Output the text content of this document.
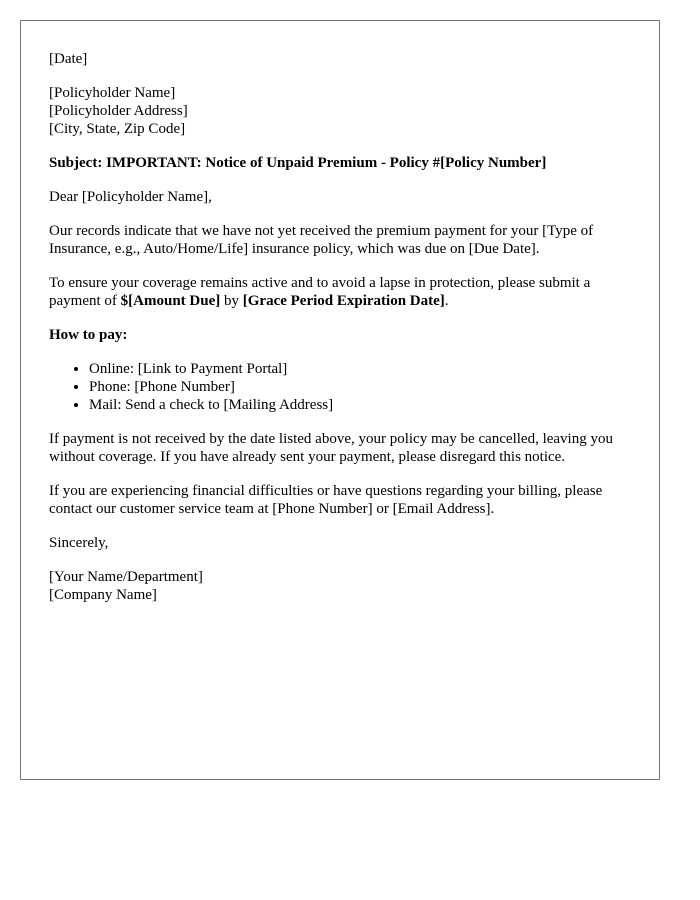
[Date]

[Policyholder Name]
[Policyholder Address]
[City, State, Zip Code]

Subject: IMPORTANT: Notice of Unpaid Premium - Policy #[Policy Number]

Dear [Policyholder Name],

Our records indicate that we have not yet received the premium payment for your [Type of Insurance, e.g., Auto/Home/Life] insurance policy, which was due on [Due Date].

To ensure your coverage remains active and to avoid a lapse in protection, please submit a payment of $[Amount Due] by [Grace Period Expiration Date].

How to pay:

• Online: [Link to Payment Portal]
• Phone: [Phone Number]
• Mail: Send a check to [Mailing Address]

If payment is not received by the date listed above, your policy may be cancelled, leaving you without coverage. If you have already sent your payment, please disregard this notice.

If you are experiencing financial difficulties or have questions regarding your billing, please contact our customer service team at [Phone Number] or [Email Address].

Sincerely,

[Your Name/Department]
[Company Name]
